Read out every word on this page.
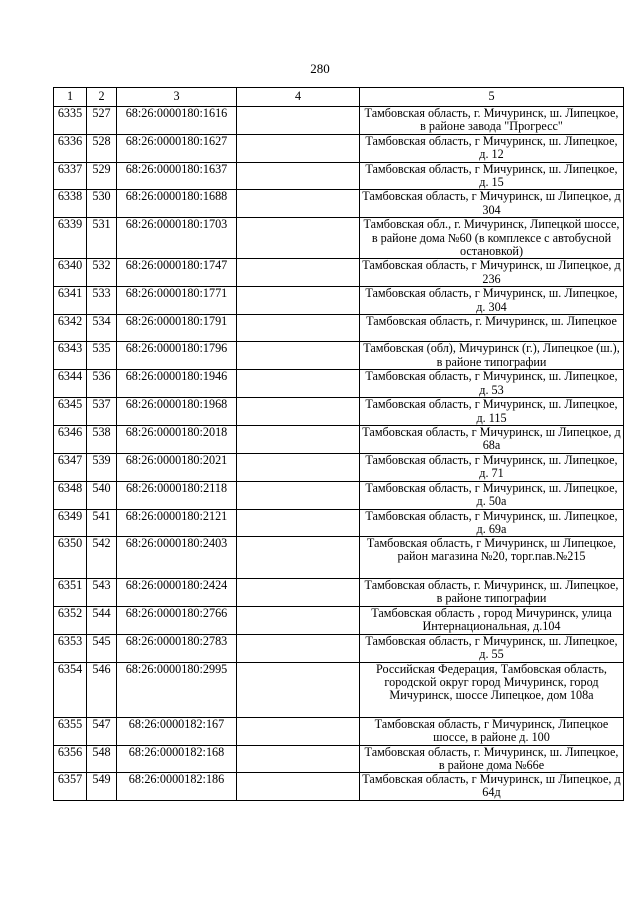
280
1	2	3	4	5
6335	527	68:26:0000180:1616		Тамбовская область, г. Мичуринск, ш. Липецкое, в районе завода "Прогресс"
6336	528	68:26:0000180:1627		Тамбовская область, г Мичуринск, ш. Липецкое, д. 12
6337	529	68:26:0000180:1637		Тамбовская область, г Мичуринск, ш. Липецкое, д. 15
6338	530	68:26:0000180:1688		Тамбовская область, г Мичуринск, ш Липецкое, д 304
6339	531	68:26:0000180:1703		Тамбовская обл., г. Мичуринск, Липецкой шоссе, в районе дома №60 (в комплексе с автобусной остановкой)
6340	532	68:26:0000180:1747		Тамбовская область, г Мичуринск, ш Липецкое, д 236
6341	533	68:26:0000180:1771		Тамбовская область, г Мичуринск, ш. Липецкое, д. 304
6342	534	68:26:0000180:1791		Тамбовская область, г. Мичуринск, ш. Липецкое
6343	535	68:26:0000180:1796		Тамбовская (обл), Мичуринск (г.), Липецкое (ш.), в районе типографии
6344	536	68:26:0000180:1946		Тамбовская область, г Мичуринск, ш. Липецкое, д. 53
6345	537	68:26:0000180:1968		Тамбовская область, г Мичуринск, ш. Липецкое, д. 115
6346	538	68:26:0000180:2018		Тамбовская область, г Мичуринск, ш Липецкое, д 68а
6347	539	68:26:0000180:2021		Тамбовская область, г Мичуринск, ш. Липецкое, д. 71
6348	540	68:26:0000180:2118		Тамбовская область, г Мичуринск, ш. Липецкое, д. 50а
6349	541	68:26:0000180:2121		Тамбовская область, г Мичуринск, ш. Липецкое, д. 69а
6350	542	68:26:0000180:2403		Тамбовская область, г Мичуринск, ш Липецкое, район магазина №20, торг.пав.№215
6351	543	68:26:0000180:2424		Тамбовская область, г. Мичуринск, ш. Липецкое, в районе типографии
6352	544	68:26:0000180:2766		Тамбовская область , город Мичуринск, улица Интернациональная, д.104
6353	545	68:26:0000180:2783		Тамбовская область, г Мичуринск, ш. Липецкое, д. 55
6354	546	68:26:0000180:2995		Российская Федерация, Тамбовская область, городской округ город Мичуринск, город Мичуринск, шоссе Липецкое, дом 108а
6355	547	68:26:0000182:167		Тамбовская область, г Мичуринск, Липецкое шоссе, в районе д. 100
6356	548	68:26:0000182:168		Тамбовская область, г. Мичуринск, ш. Липецкое, в районе дома №66е
6357	549	68:26:0000182:186		Тамбовская область, г Мичуринск, ш Липецкое, д 64д
